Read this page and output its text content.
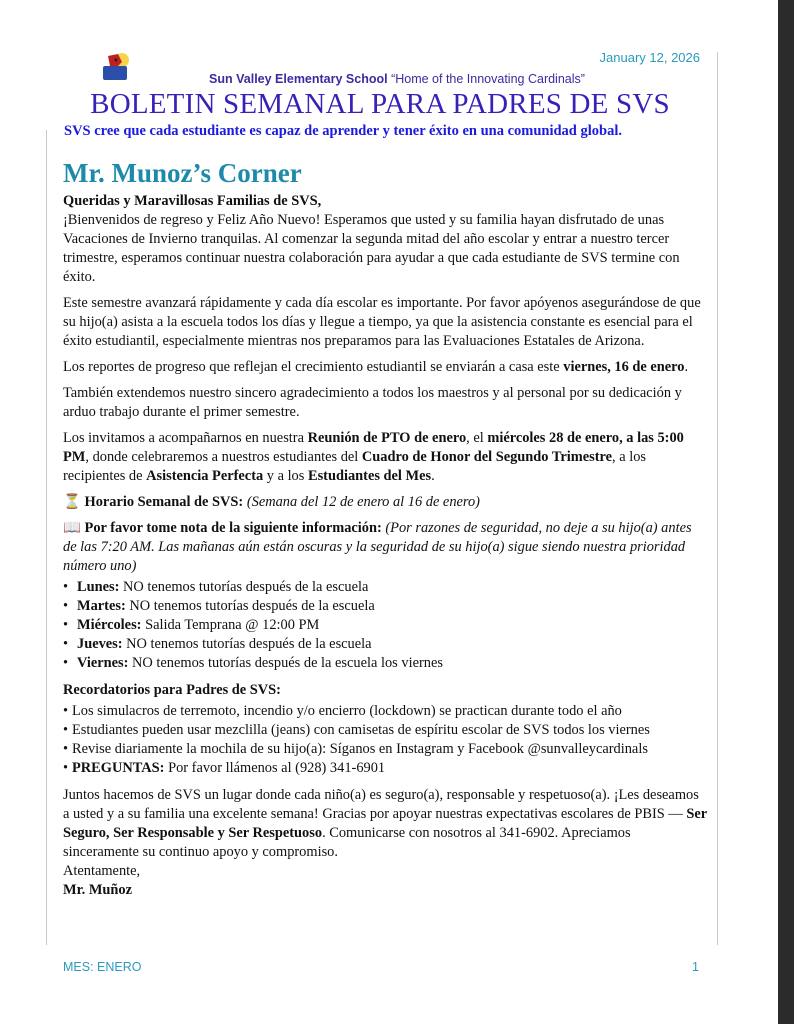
January 12, 2026
Sun Valley Elementary School “Home of the Innovating Cardinals”
BOLETIN SEMANAL PARA PADRES DE SVS
SVS cree que cada estudiante es capaz de aprender y tener éxito en una comunidad global.
Mr. Munoz’s Corner

Queridas y Maravillosas Familias de SVS,
¡Bienvenidos de regreso y Feliz Año Nuevo! Esperamos que usted y su familia hayan disfrutado de unas Vacaciones de Invierno tranquilas. Al comenzar la segunda mitad del año escolar y entrar a nuestro tercer trimestre, esperamos continuar nuestra colaboración para ayudar a que cada estudiante de SVS termine con éxito.

Este semestre avanzará rápidamente y cada día escolar es importante. Por favor apóyenos asegurándose de que su hijo(a) asista a la escuela todos los días y llegue a tiempo, ya que la asistencia constante es esencial para el éxito estudiantil, especialmente mientras nos preparamos para las Evaluaciones Estatales de Arizona.

Los reportes de progreso que reflejan el crecimiento estudiantil se enviarán a casa este viernes, 16 de enero.

También extendemos nuestro sincero agradecimiento a todos los maestros y al personal por su dedicación y arduo trabajo durante el primer semestre.

Los invitamos a acompañarnos en nuestra Reunión de PTO de enero, el miércoles 28 de enero, a las 5:00 PM, donde celebraremos a nuestros estudiantes del Cuadro de Honor del Segundo Trimestre, a los recipientes de Asistencia Perfecta y a los Estudiantes del Mes.

⏳ Horario Semanal de SVS: (Semana del 12 de enero al 16 de enero)

📖 Por favor tome nota de la siguiente información: (Por razones de seguridad, no deje a su hijo(a) antes de las 7:20 AM. Las mañanas aún están oscuras y la seguridad de su hijo(a) sigue siendo nuestra prioridad número uno)

• Lunes: NO tenemos tutorías después de la escuela
• Martes: NO tenemos tutorías después de la escuela
• Miércoles: Salida Temprana @ 12:00 PM
• Jueves: NO tenemos tutorías después de la escuela
• Viernes: NO tenemos tutorías después de la escuela los viernes

Recordatorios para Padres de SVS:

• Los simulacros de terremoto, incendio y/o encierro (lockdown) se practican durante todo el año
• Estudiantes pueden usar mezclilla (jeans) con camisetas de espíritu escolar de SVS todos los viernes
• Revise diariamente la mochila de su hijo(a): Síganos en Instagram y Facebook @sunvalleycardinals
• PREGUNTAS: Por favor llámenos al (928) 341-6901

Juntos hacemos de SVS un lugar donde cada niño(a) es seguro(a), responsable y respetuoso(a). ¡Les deseamos a usted y a su familia una excelente semana! Gracias por apoyar nuestras expectativas escolares de PBIS — Ser Seguro, Ser Responsable y Ser Respetuoso. Comunicarse con nosotros al 341-6902. Apreciamos sinceramente su continuo apoyo y compromiso.
Atentamente,
Mr. Muñoz

MES: ENERO	1
